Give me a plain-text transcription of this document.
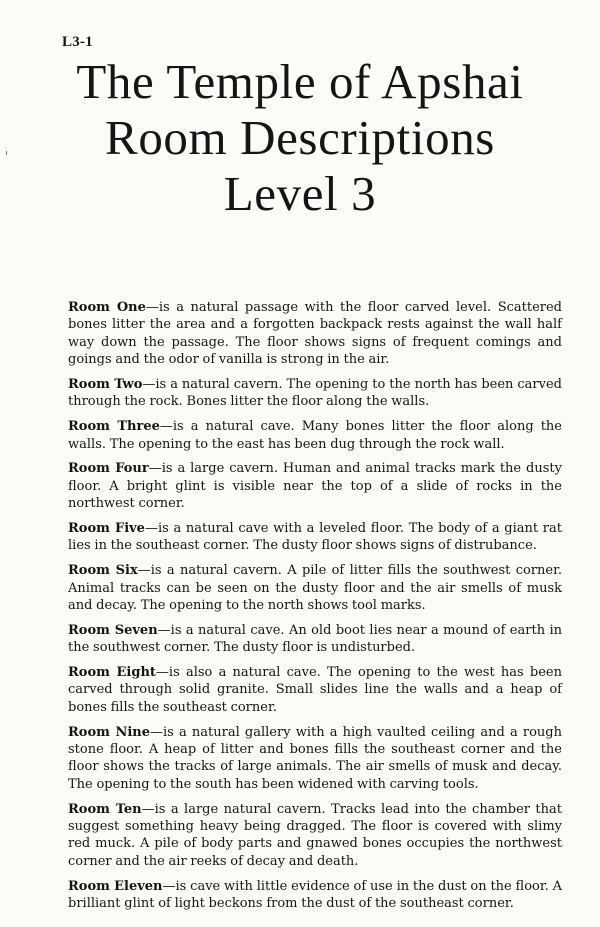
L3-1
The Temple of Apshai
Room Descriptions
Level 3

Room One—is a natural passage with the floor carved level. Scattered bones litter the area and a forgotten backpack rests against the wall half way down the passage. The floor shows signs of frequent comings and goings and the odor of vanilla is strong in the air.

Room Two—is a natural cavern. The opening to the north has been carved through the rock. Bones litter the floor along the walls.

Room Three—is a natural cave. Many bones litter the floor along the walls. The opening to the east has been dug through the rock wall.

Room Four—is a large cavern. Human and animal tracks mark the dusty floor. A bright glint is visible near the top of a slide of rocks in the northwest corner.

Room Five—is a natural cave with a leveled floor. The body of a giant rat lies in the southeast corner. The dusty floor shows signs of distrubance.

Room Six—is a natural cavern. A pile of litter fills the southwest corner. Animal tracks can be seen on the dusty floor and the air smells of musk and decay. The opening to the north shows tool marks.

Room Seven—is a natural cave. An old boot lies near a mound of earth in the southwest corner. The dusty floor is undisturbed.

Room Eight—is also a natural cave. The opening to the west has been carved through solid granite. Small slides line the walls and a heap of bones fills the southeast corner.

Room Nine—is a natural gallery with a high vaulted ceiling and a rough stone floor. A heap of litter and bones fills the southeast corner and the floor shows the tracks of large animals. The air smells of musk and decay. The opening to the south has been widened with carving tools.

Room Ten—is a large natural cavern. Tracks lead into the chamber that suggest something heavy being dragged. The floor is covered with slimy red muck. A pile of body parts and gnawed bones occupies the northwest corner and the air reeks of decay and death.

Room Eleven—is cave with little evidence of use in the dust on the floor. A brilliant glint of light beckons from the dust of the southeast corner.
